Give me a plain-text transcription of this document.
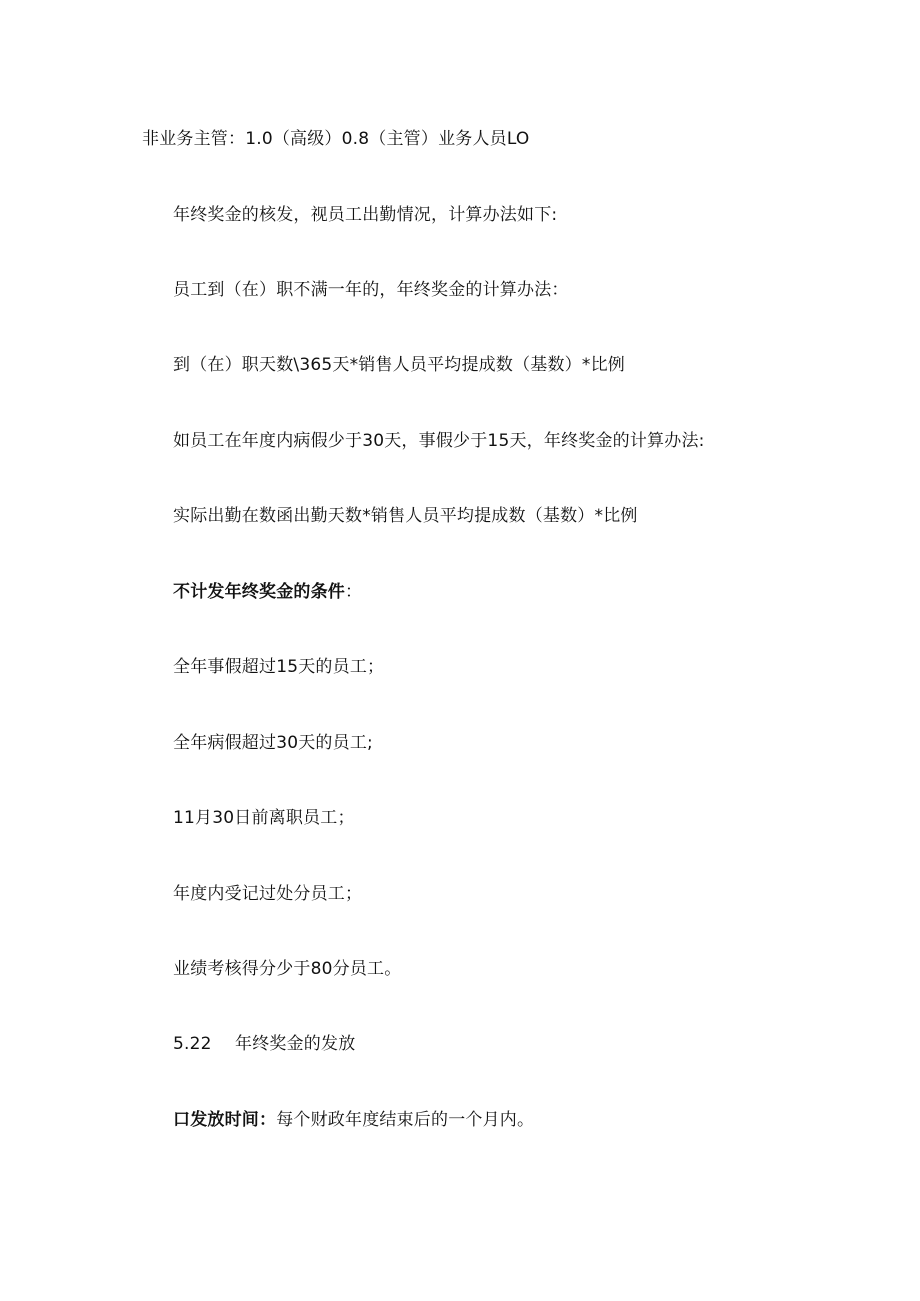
非业务主管：1.0（高级）0.8（主管）业务人员LO
年终奖金的核发，视员工出勤情况，计算办法如下:
员工到（在）职不满一年的，年终奖金的计算办法：
到（在）职天数\365天*销售人员平均提成数（基数）*比例
如员工在年度内病假少于30天，事假少于15天，年终奖金的计算办法:
实际出勤在数函出勤天数*销售人员平均提成数（基数）*比例
不计发年终奖金的条件：
全年事假超过15天的员工；
全年病假超过30天的员工;
11月30日前离职员工；
年度内受记过处分员工；
业绩考核得分少于80分员工。
5.22 年终奖金的发放
口发放时间：每个财政年度结束后的一个月内。
